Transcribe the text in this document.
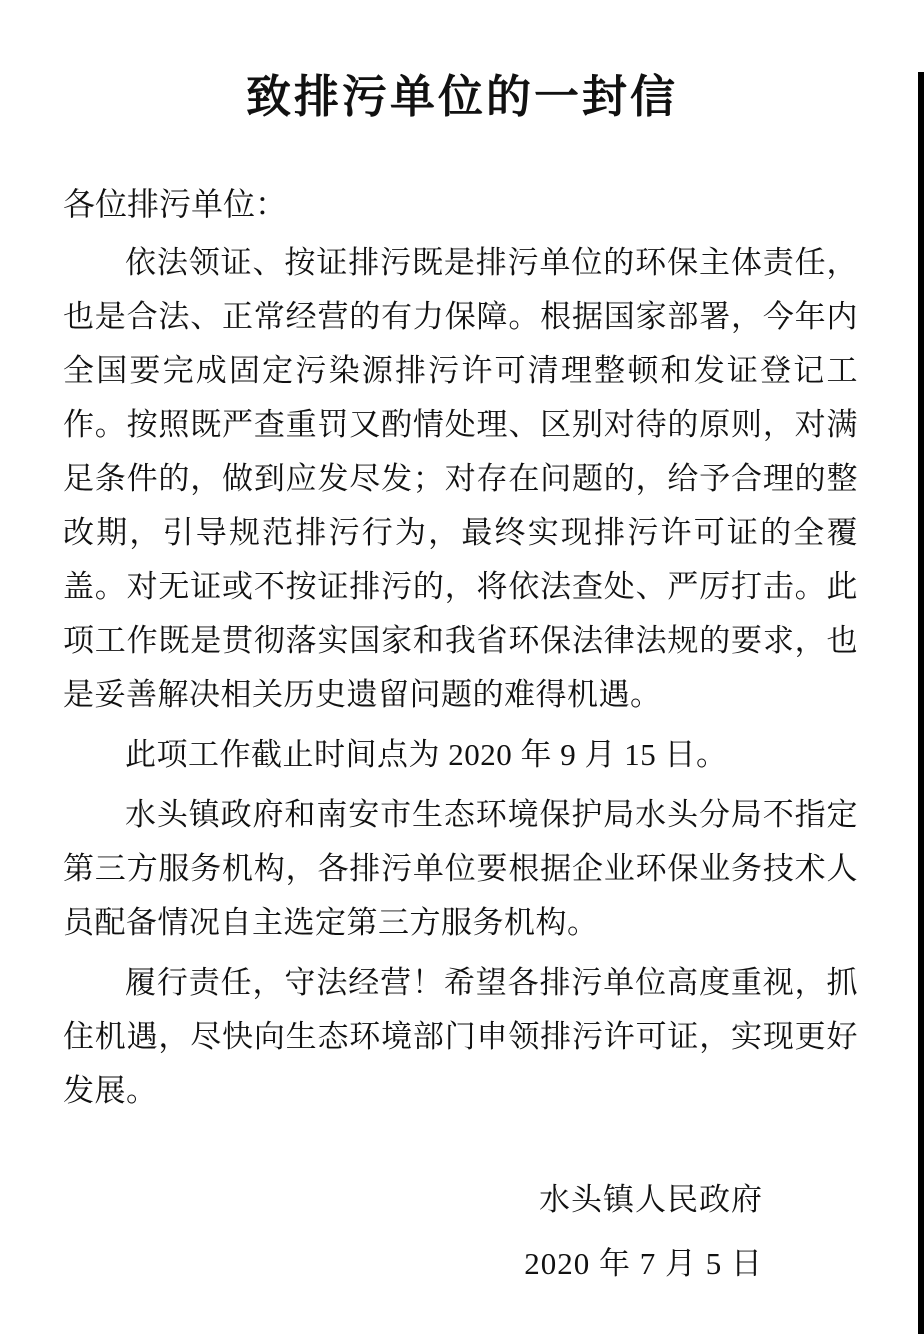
致排污单位的一封信

各位排污单位：

依法领证、按证排污既是排污单位的环保主体责任，也是合法、正常经营的有力保障。根据国家部署，今年内全国要完成固定污染源排污许可清理整顿和发证登记工作。按照既严查重罚又酌情处理、区别对待的原则，对满足条件的，做到应发尽发；对存在问题的，给予合理的整改期，引导规范排污行为，最终实现排污许可证的全覆盖。对无证或不按证排污的，将依法查处、严厉打击。此项工作既是贯彻落实国家和我省环保法律法规的要求，也是妥善解决相关历史遗留问题的难得机遇。

此项工作截止时间点为 2020 年 9 月 15 日。

水头镇政府和南安市生态环境保护局水头分局不指定第三方服务机构，各排污单位要根据企业环保业务技术人员配备情况自主选定第三方服务机构。

履行责任，守法经营！希望各排污单位高度重视，抓住机遇，尽快向生态环境部门申领排污许可证，实现更好发展。

水头镇人民政府

2020 年 7 月 5 日
